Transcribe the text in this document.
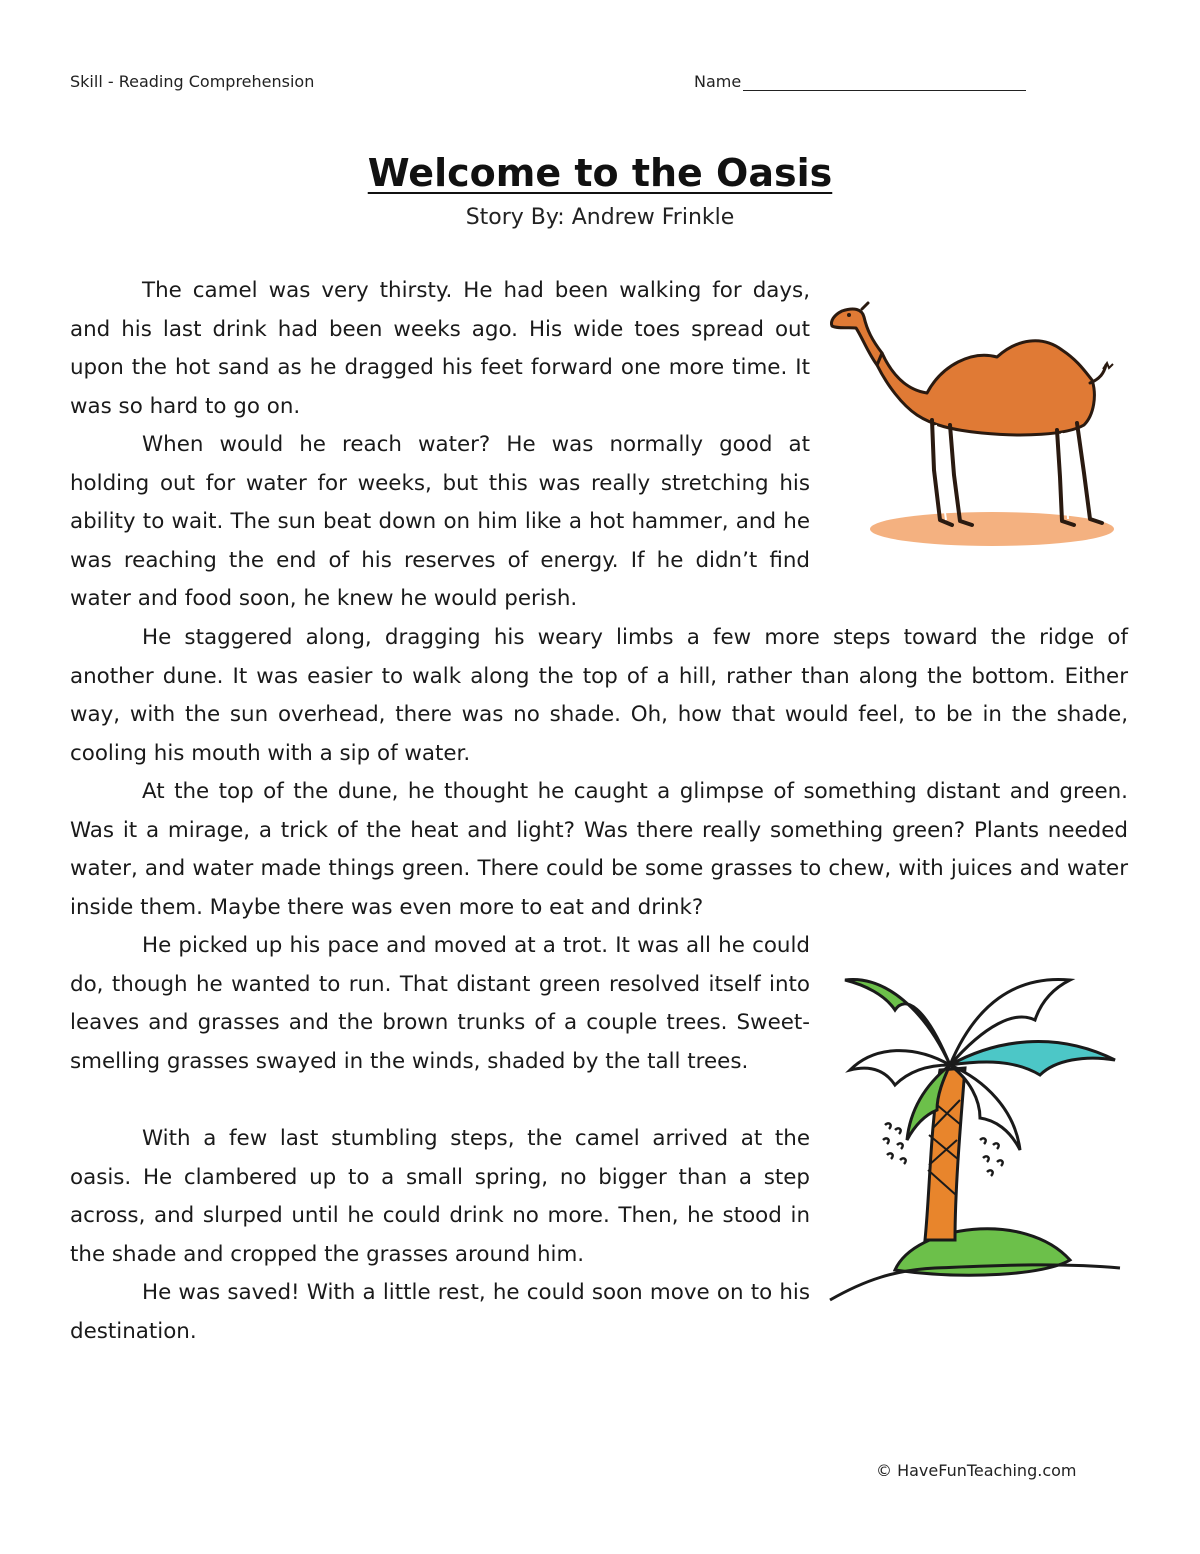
Skill - Reading Comprehension	Name
Welcome to the Oasis
Story By: Andrew Frinkle

The camel was very thirsty. He had been walking for days, and his last drink had been weeks ago. His wide toes spread out upon the hot sand as he dragged his feet forward one more time. It was so hard to go on.

When would he reach water? He was normally good at holding out for water for weeks, but this was really stretching his ability to wait. The sun beat down on him like a hot hammer, and he was reaching the end of his reserves of energy. If he didn’t find water and food soon, he knew he would perish.

He staggered along, dragging his weary limbs a few more steps toward the ridge of another dune. It was easier to walk along the top of a hill, rather than along the bottom. Either way, with the sun overhead, there was no shade. Oh, how that would feel, to be in the shade, cooling his mouth with a sip of water.

At the top of the dune, he thought he caught a glimpse of something distant and green. Was it a mirage, a trick of the heat and light? Was there really something green? Plants needed water, and water made things green. There could be some grasses to chew, with juices and water inside them. Maybe there was even more to eat and drink?

He picked up his pace and moved at a trot. It was all he could do, though he wanted to run. That distant green resolved itself into leaves and grasses and the brown trunks of a couple trees. Sweet-smelling grasses swayed in the winds, shaded by the tall trees.

With a few last stumbling steps, the camel arrived at the oasis. He clambered up to a small spring, no bigger than a step across, and slurped until he could drink no more. Then, he stood in the shade and cropped the grasses around him.

He was saved! With a little rest, he could soon move on to his destination.

© HaveFunTeaching.com
